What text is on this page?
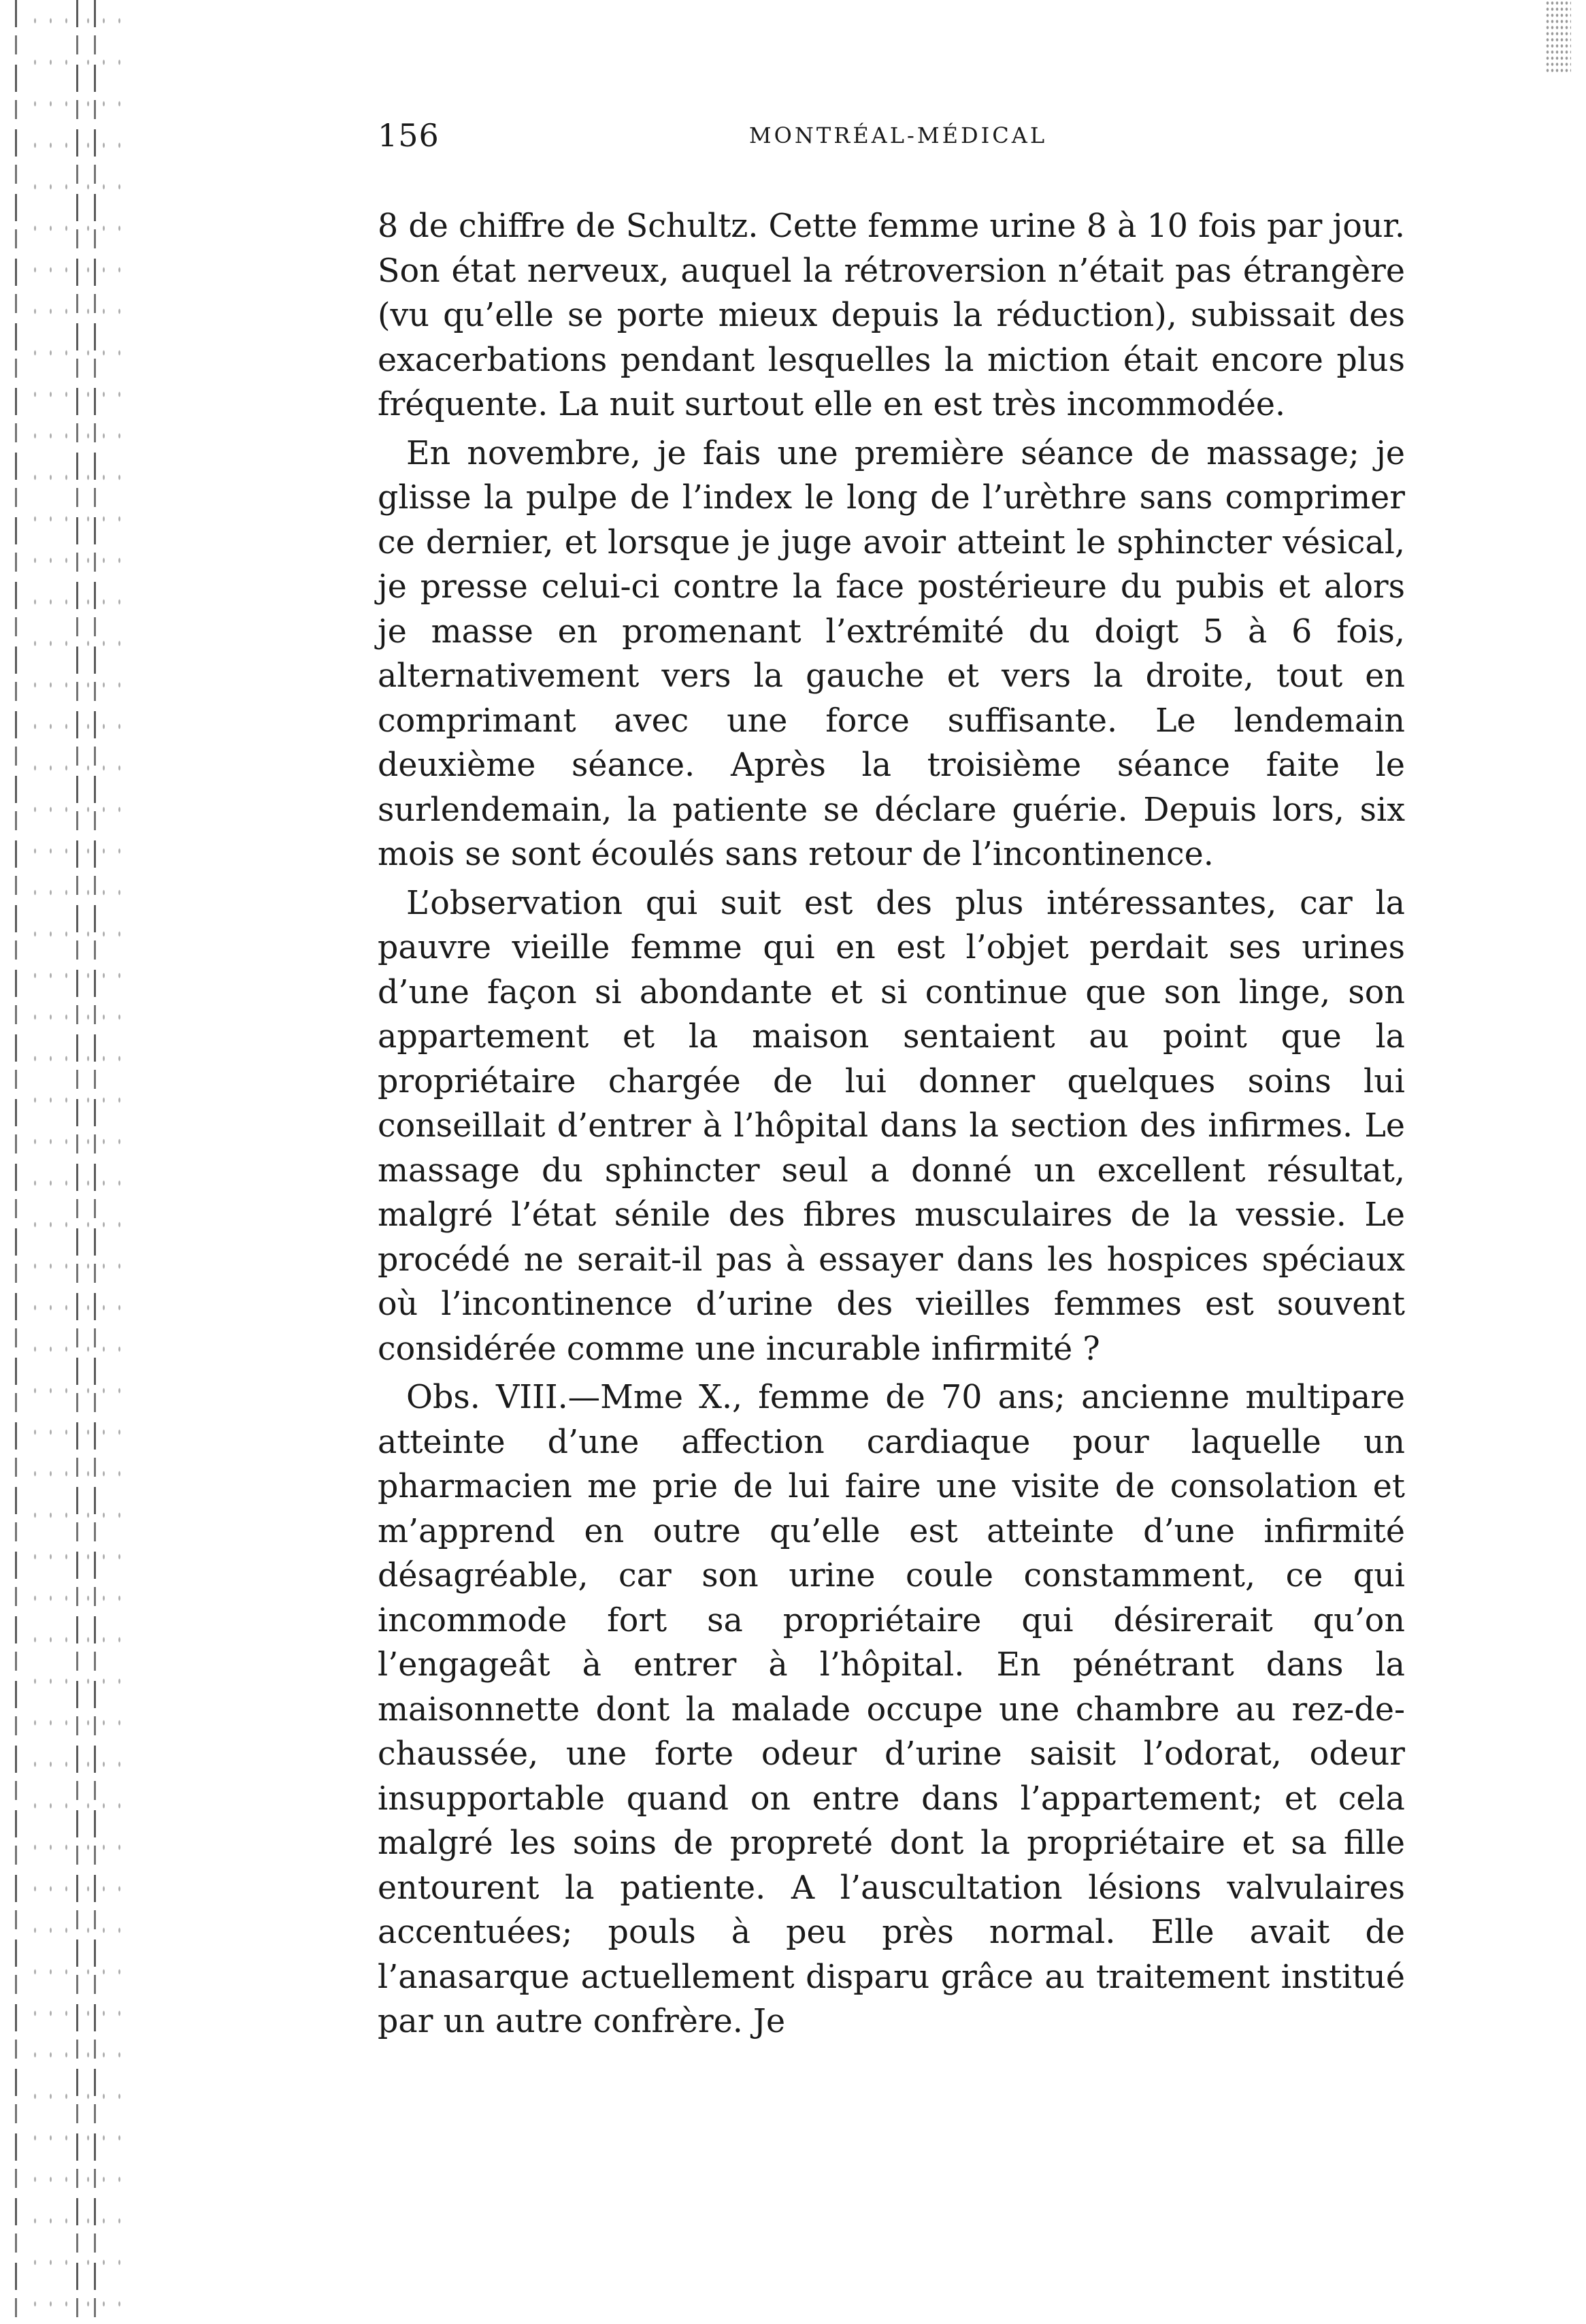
156	MONTRÉAL-MÉDICAL

8 de chiffre de Schultz. Cette femme urine 8 à 10 fois par jour. Son état nerveux, auquel la rétroversion n’était pas étrangère (vu qu’elle se porte mieux depuis la réduction), subissait des exacerbations pendant lesquelles la miction était encore plus fréquente. La nuit surtout elle en est très incommodée.

En novembre, je fais une première séance de massage; je glisse la pulpe de l’index le long de l’urèthre sans comprimer ce dernier, et lorsque je juge avoir atteint le sphincter vésical, je presse celui-ci contre la face postérieure du pubis et alors je masse en promenant l’extrémité du doigt 5 à 6 fois, alternativement vers la gauche et vers la droite, tout en comprimant avec une force suffisante. Le lendemain deuxième séance. Après la troisième séance faite le surlendemain, la patiente se déclare guérie. Depuis lors, six mois se sont écoulés sans retour de l’incontinence.

L’observation qui suit est des plus intéressantes, car la pauvre vieille femme qui en est l’objet perdait ses urines d’une façon si abondante et si continue que son linge, son appartement et la maison sentaient au point que la propriétaire chargée de lui donner quelques soins lui conseillait d’entrer à l’hôpital dans la section des infirmes. Le massage du sphincter seul a donné un excellent résultat, malgré l’état sénile des fibres musculaires de la vessie. Le procédé ne serait-il pas à essayer dans les hospices spéciaux où l’incontinence d’urine des vieilles femmes est souvent considérée comme une incurable infirmité ?

Obs. VIII.—Mme X., femme de 70 ans; ancienne multipare atteinte d’une affection cardiaque pour laquelle un pharmacien me prie de lui faire une visite de consolation et m’apprend en outre qu’elle est atteinte d’une infirmité désagréable, car son urine coule constamment, ce qui incommode fort sa propriétaire qui désirerait qu’on l’engageât à entrer à l’hôpital. En pénétrant dans la maisonnette dont la malade occupe une chambre au rez-de-chaussée, une forte odeur d’urine saisit l’odorat, odeur insupportable quand on entre dans l’appartement; et cela malgré les soins de propreté dont la propriétaire et sa fille entourent la patiente. A l’auscultation lésions valvulaires accentuées; pouls à peu près normal. Elle avait de l’anasarque actuellement disparu grâce au traitement institué par un autre confrère. Je
